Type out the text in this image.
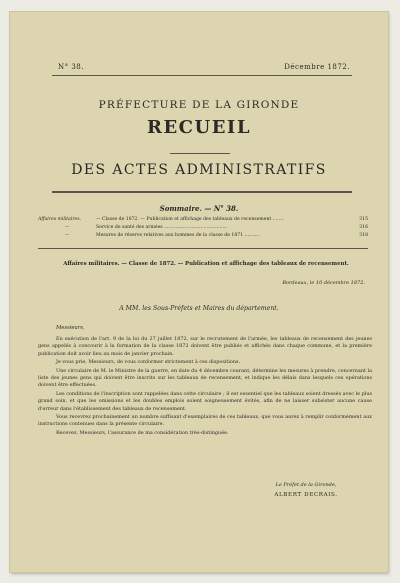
N° 38.	Décembre 1872.
PRÉFECTURE DE LA GIRONDE
RECUEIL
DES ACTES ADMINISTRATIFS
Sommaire. — N° 38.
Affaires militaires.	— Classe de 1872. — Publication et affichage des tableaux de recensement ........	315
—	Service de santé des armées ...........................................	316
—	Mesures de réserve relatives aux hommes de la classe de 1871 ..........	318
Affaires militaires. — Classe de 1872. — Publication et affichage des tableaux de recensement.
Bordeaux, le 10 décembre 1872.
A MM. les Sous-Préfets et Maires du département.
Messieurs,

En exécution de l'art. 9 de la loi du 27 juillet 1872, sur le recrutement de l'armée, les tableaux de recensement des jeunes gens appelés à concourir à la formation de la classe 1872 doivent être publiés et affichés dans chaque commune, et la première publication doit avoir lieu au mois de janvier prochain.

Je vous prie, Messieurs, de vous conformer strictement à ces dispositions.

Une circulaire de M. le Ministre de la guerre, en date du 4 décembre courant, détermine les mesures à prendre, concernant la liste des jeunes gens qui doivent être inscrits sur les tableaux de recensement, et indique les délais dans lesquels ces opérations doivent être effectuées.

Les conditions de l'inscription sont rappelées dans cette circulaire ; il est essentiel que les tableaux soient dressés avec le plus grand soin, et que les omissions et les doubles emplois soient soigneusement évités, afin de ne laisser subsister aucune cause d'erreur dans l'établissement des tableaux de recensement.

Vous recevrez prochainement un nombre suffisant d'exemplaires de ces tableaux, que vous aurez à remplir conformément aux instructions contenues dans la présente circulaire.

Recevez, Messieurs, l'assurance de ma considération très-distinguée.

Le Préfet de la Gironde,
ALBERT DECRAIS.
